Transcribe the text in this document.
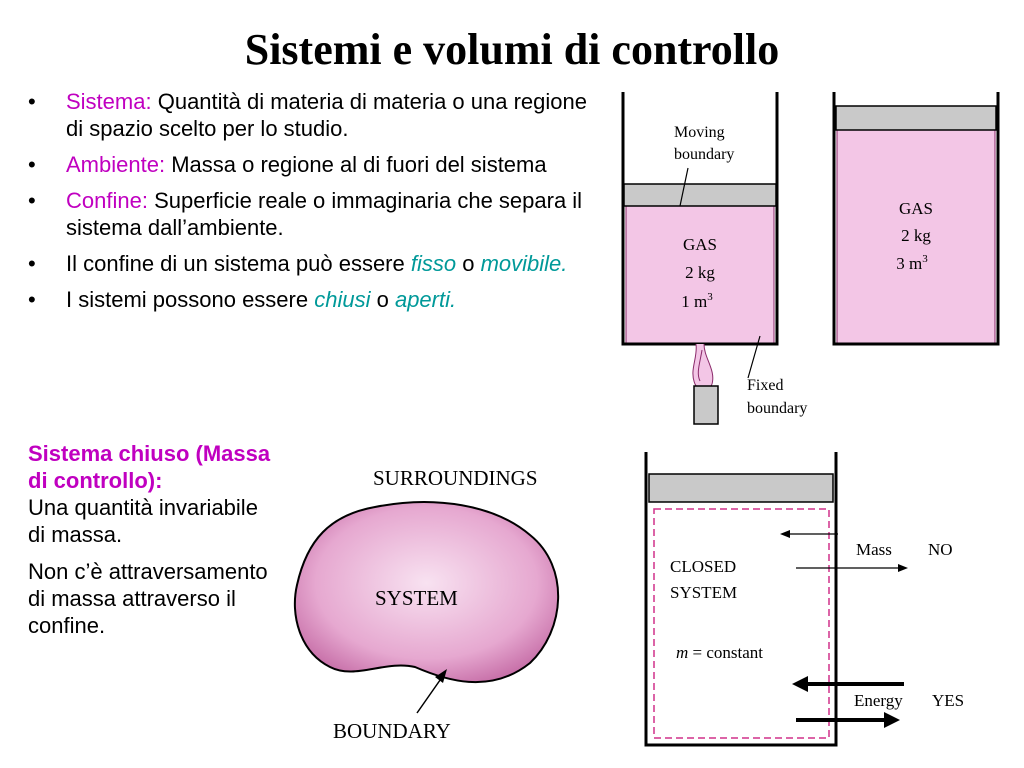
Sistemi e volumi di controllo
• Sistema: Quantità di materia di materia o una regione di spazio scelto per lo studio.
• Ambiente: Massa o regione al di fuori del sistema
• Confine: Superficie reale o immaginaria che separa il sistema dall’ambiente.
• Il confine di un sistema può essere fisso o movibile.
• I sistemi possono essere chiusi o aperti.
Sistema chiuso (Massa di controllo):

Una quantità invariabile di massa.

Non c’è attraversamento di massa attraverso il confine.

Moving
boundary
GAS
2 kg
1 $m^3$
Fixed
boundary
GAS
2 kg
3 $m^3$
SURROUNDINGS
SYSTEM
BOUNDARY
CLOSED
SYSTEM
m = constant
Mass NO
Energy YES
